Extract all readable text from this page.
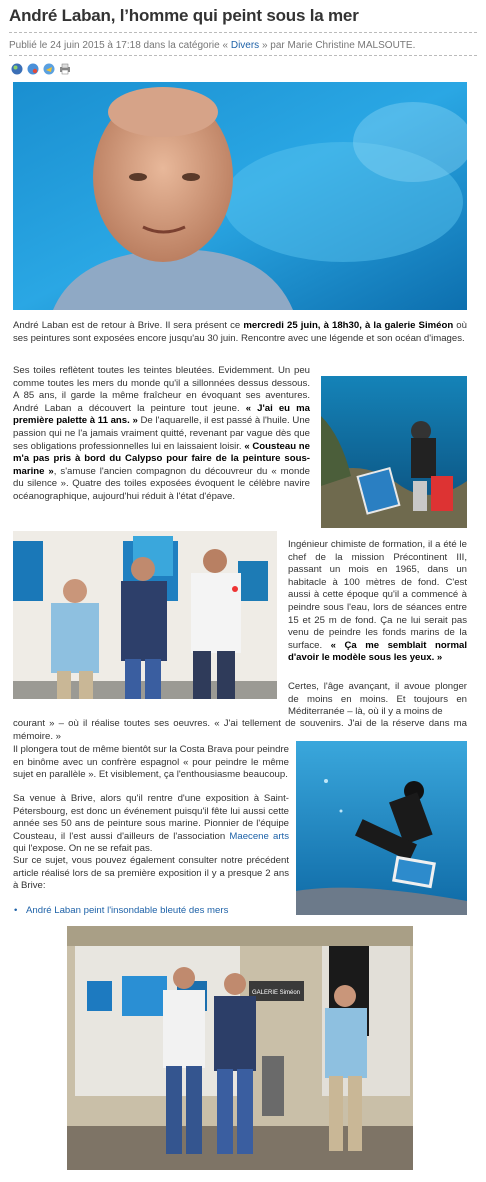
André Laban, l’homme qui peint sous la mer
Publié le 24 juin 2015 à 17:18 dans la catégorie « Divers » par Marie Christine MALSOUTE.

André Laban est de retour à Brive. Il sera présent ce mercredi 25 juin, à 18h30, à la galerie Siméon où ses peintures sont exposées encore jusqu'au 30 juin. Rencontre avec une légende et son océan d'images.

Ses toiles reflètent toutes les teintes bleutées. Evidemment. Un peu comme toutes les mers du monde qu'il a sillonnées dessus dessous. A 85 ans, il garde la même fraîcheur en évoquant ses aventures. André Laban a découvert la peinture tout jeune. « J'ai eu ma première palette à 11 ans. » De l'aquarelle, il est passé à l'huile. Une passion qui ne l'a jamais vraiment quitté, revenant par vague dès que ses obligations professionnelles lui en laissaient loisir. « Cousteau ne m'a pas pris à bord du Calypso pour faire de la peinture sous-marine », s'amuse l'ancien compagnon du découvreur du « monde du silence ». Quatre des toiles exposées évoquent le célèbre navire océanographique, aujourd'hui réduit à l'état d'épave.

Ingénieur chimiste de formation, il a été le chef de la mission Précontinent III, passant un mois en 1965, dans un habitacle à 100 mètres de fond. C'est aussi à cette époque qu'il a commencé à peindre sous l'eau, lors de séances entre 15 et 25 m de fond. Ça ne lui serait pas venu de peindre les fonds marins de la surface. « Ça me semblait normal d'avoir le modèle sous les yeux. »

Certes, l'âge avançant, il avoue plonger de moins en moins. Et toujours en Méditerranée – là, où il y a moins de

courant » – où il réalise toutes ses oeuvres. « J'ai tellement de souvenirs. J'ai de la réserve dans ma mémoire. »

Il plongera tout de même bientôt sur la Costa Brava pour peindre en binôme avec un confrère espagnol « pour peindre le même sujet en parallèle ». Et visiblement, ça l'enthousiasme beaucoup.

Sa venue à Brive, alors qu'il rentre d'une exposition à Saint-Pétersbourg, est donc un événement puisqu'il fête lui aussi cette année ses 50 ans de peinture sous marine. Pionnier de l'équipe Cousteau, il l'est aussi d'ailleurs de l'association Maecene arts qui l'expose. On ne se refait pas.

Sur ce sujet, vous pouvez également consulter notre précédent article réalisé lors de sa première exposition il y a presque 2 ans à Brive:

• André Laban peint l'insondable bleuté des mers
GALERIE Siméon
